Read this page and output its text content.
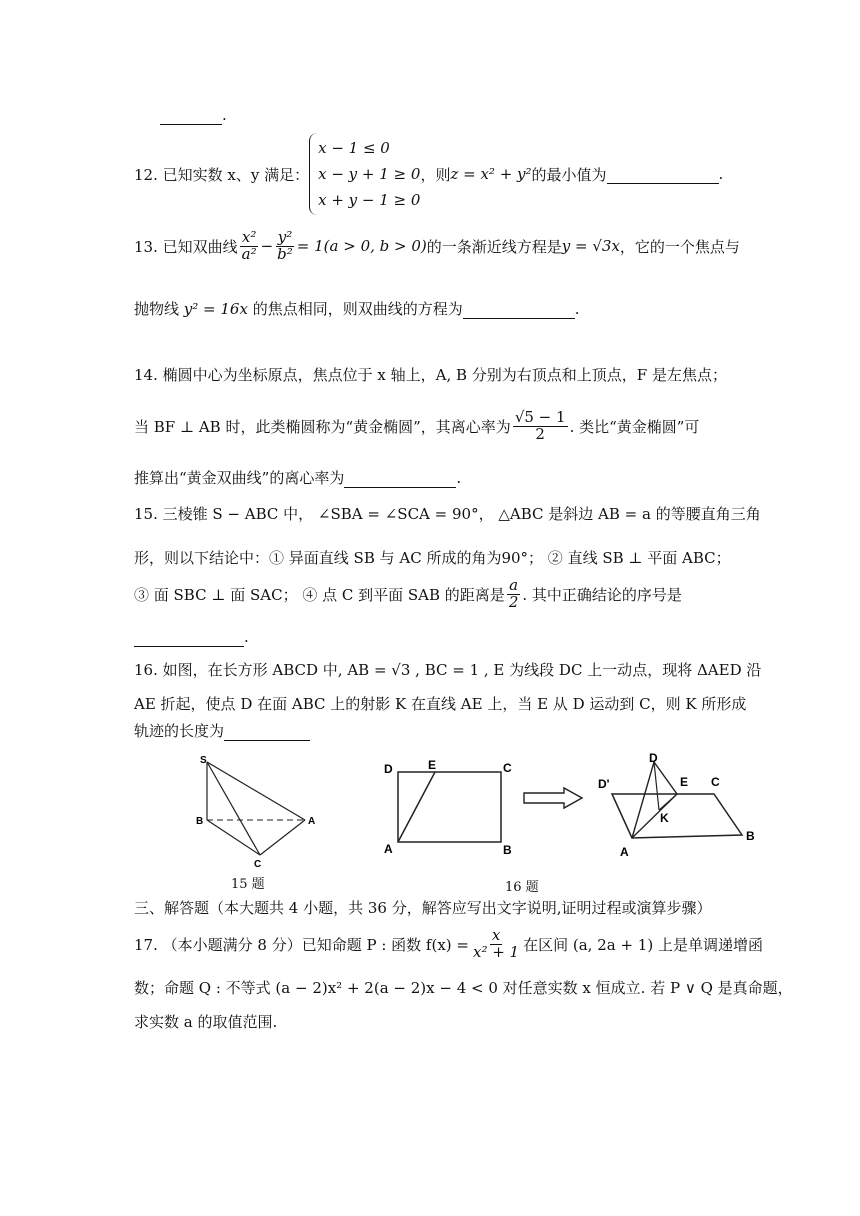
.
12. 已知实数 x、y 满足：
x − 1 ≤ 0
x − y + 1 ≥ 0
x + y − 1 ≥ 0
，则 z = x² + y² 的最小值为
	.
13. 已知双曲线 $\frac{\text{x²}}{\text{a²}} - \frac{\text{y²}}{\text{b²}} = 1(a > 0$, b > 0) 的一条渐近线方程是 y = √3x ，它的一个焦点与
抛物线 y² = 16x 的焦点相同，则双曲线的方程为	.
14. 椭圆中心为坐标原点，焦点位于 x 轴上，A, B 分别为右顶点和上顶点，F 是左焦点；
当 BF ⊥ AB 时，此类椭圆称为“黄金椭圆”，其离心率为 $\frac{√5 - 1}{2}$ . 类比“黄金椭圆”可
推算出“黄金双曲线”的离心率为	.
15. 三棱锥 S − ABC 中， ∠SBA = ∠SCA = 90°， △ABC 是斜边 AB = a 的等腰直角三角
形，则以下结论中：① 异面直线 SB 与 AC 所成的角为90°； ② 直线 SB ⊥ 平面 ABC；
③ 面 SBC ⊥ 面 SAC； ④ 点 C 到平面 SAB 的距离是 $\frac{a}{2}$ . 其中正确结论的序号是
.
16. 如图，在长方形 ABCD 中, AB = √3 , BC = 1 , E 为线段 DC 上一动点，现将 ΔAED 沿
AE 折起，使点 D 在面 ABC 上的射影 K 在直线 AE 上，当 E 从 D 运动到 C，则 K 所形成
轨迹的长度为
S
B	A
C
15 题
D	E	C
A	B
D
D'	E C
K
A
B
16 题
三、解答题（本大题共 4 小题，共 36 分，解答应写出文字说明,证明过程或演算步骤）
17. （本小题满分 8 分）已知命题 P : 函数 $f(x) = \frac{x}{\text{x² + 1}}$ 在区间 (a, 2a + 1) 上是单调递增函
数；命题 Q : 不等式 (a − 2)x² + 2(a − 2)x − 4 < 0 对任意实数 x 恒成立. 若 P ∨ Q 是真命题，
求实数 a 的取值范围.
